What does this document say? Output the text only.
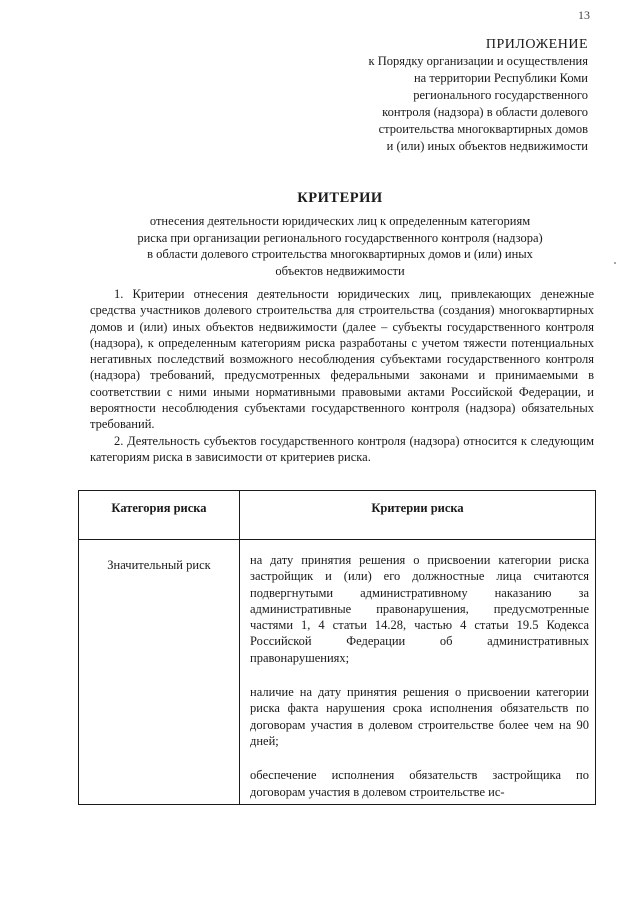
13
ПРИЛОЖЕНИЕ
к Порядку организации и осуществления
на территории Республики Коми
регионального государственного
контроля (надзора) в области долевого
строительства многоквартирных домов
и (или) иных объектов недвижимости
КРИТЕРИИ
отнесения деятельности юридических лиц к определенным категориям
риска при организации регионального государственного контроля (надзора)
в области долевого строительства многоквартирных домов и (или) иных
объектов недвижимости

1. Критерии отнесения деятельности юридических лиц, привлекающих денежные средства участников долевого строительства для строительства (создания) многоквартирных домов и (или) иных объектов недвижимости (далее – субъекты государственного контроля (надзора), к определенным категориям риска разработаны с учетом тяжести потенциальных негативных последствий возможного несоблюдения субъектами государственного контроля (надзора) требований, предусмотренных федеральными законами и принимаемыми в соответствии с ними иными нормативными правовыми актами Российской Федерации, и вероятности несоблюдения субъектами государственного контроля (надзора) обязательных требований.

2. Деятельность субъектов государственного контроля (надзора) относится к следующим категориям риска в зависимости от критериев риска.

Категория риска	Критерии риска
Значительный риск	на дату принятия решения о присвоении категории риска застройщик и (или) его должностные лица считаются подвергнутыми административному наказанию за административные правонарушения, предусмотренные частями 1, 4 статьи 14.28, частью 4 статьи 19.5 Кодекса Российской Федерации об административных правонарушениях;

наличие на дату принятия решения о присвоении категории риска факта нарушения срока исполнения обязательств по договорам участия в долевом строительстве более чем на 90 дней;

обеспечение исполнения обязательств застройщика по договорам участия в долевом строительстве ис-
